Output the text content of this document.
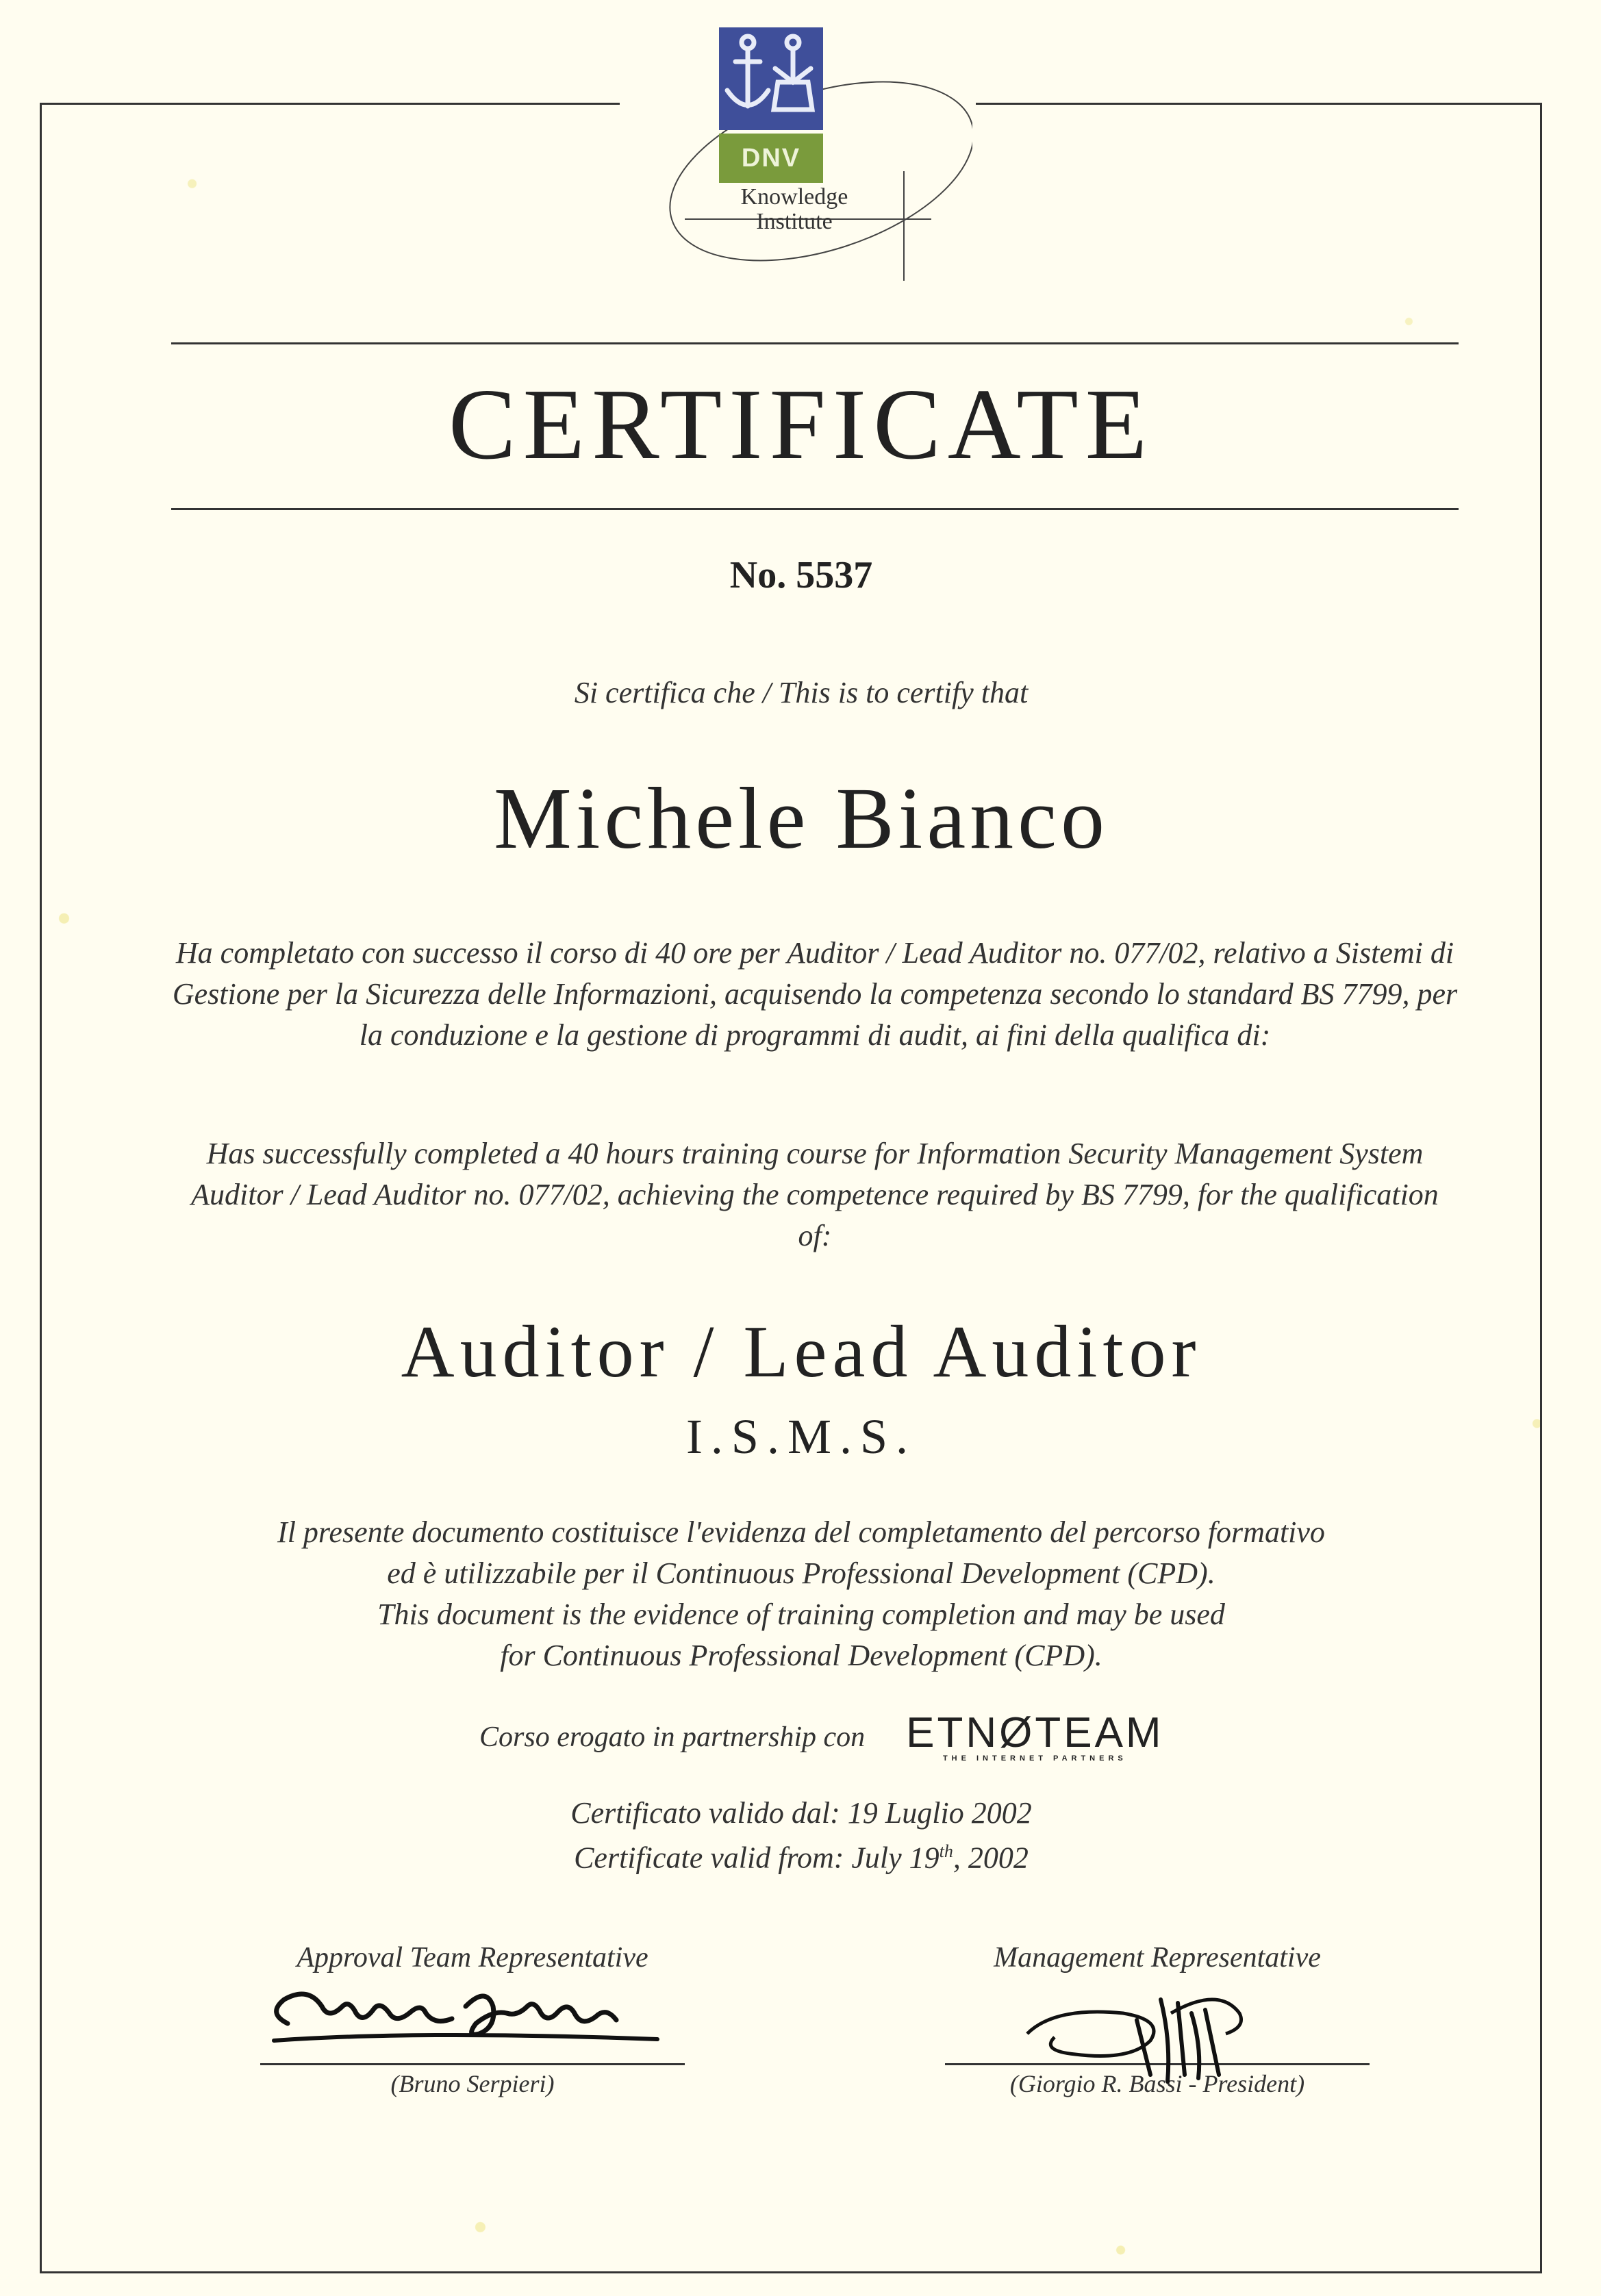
DNV
Knowledge
Institute
CERTIFICATE
No. 5537
Si certifica che / This is to certify that
Michele Bianco
Ha completato con successo il corso di 40 ore per Auditor / Lead Auditor no. 077/02, relativo a Sistemi di Gestione per la Sicurezza delle Informazioni, acquisendo la competenza secondo lo standard BS 7799, per la conduzione e la gestione di programmi di audit, ai fini della qualifica di:
Has successfully completed a 40 hours training course for Information Security Management System Auditor / Lead Auditor no. 077/02, achieving the competence required by BS 7799, for the qualification of:
Auditor / Lead Auditor
I.S.M.S.
Il presente documento costituisce l'evidenza del completamento del percorso formativo
ed è utilizzabile per il Continuous Professional Development (CPD).
This document is the evidence of training completion and may be used
for Continuous Professional Development (CPD).
Corso erogato in partnership con ETNØTEAM
THE INTERNET PARTNERS
Certificato valido dal: 19 Luglio 2002
Certificate valid from: July 19th, 2002
Approval Team Representative
(Bruno Serpieri)
Management Representative
(Giorgio R. Bassi - President)
